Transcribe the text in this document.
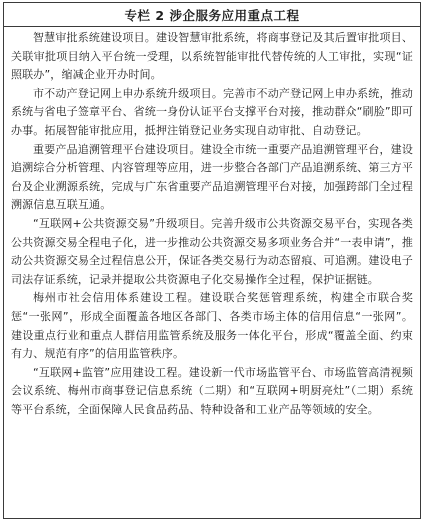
专栏 2 涉企服务应用重点工程

智慧审批系统建设项目。建设智慧审批系统，将商事登记及其后置审批项目、关联审批项目纳入平台统一受理，以系统智能审批代替传统的人工审批，实现“证照联办”，缩减企业开办时间。

市不动产登记网上申办系统升级项目。完善市不动产登记网上申办系统，推动系统与省电子签章平台、省统一身份认证平台支撑平台对接，推动群众“刷脸”即可办事。拓展智能审批应用，抵押注销登记业务实现自动审批、自动登记。

重要产品追溯管理平台建设项目。建设全市统一重要产品追溯管理平台，建设追溯综合分析管理、内容管理等应用，进一步整合各部门产品追溯系统、第三方平台及企业溯源系统，完成与广东省重要产品追溯管理平台对接，加强跨部门全过程溯源信息互联互通。

“互联网+公共资源交易”升级项目。完善升级市公共资源交易平台，实现各类公共资源交易全程电子化，进一步推动公共资源交易多项业务合并“一表申请”，推动公共资源交易全过程信息公开，保证各类交易行为动态留痕、可追溯。建设电子司法存证系统，记录并提取公共资源电子化交易操作全过程，保护证据链。

梅州市社会信用体系建设工程。建设联合奖惩管理系统，构建全市联合奖惩“一张网”，形成全面覆盖各地区各部门、各类市场主体的信用信息“一张网”。建设重点行业和重点人群信用监管系统及服务一体化平台，形成“覆盖全面、约束有力、规范有序”的信用监管秩序。

“互联网+监管”应用建设工程。建设新一代市场监管平台、市场监管高清视频会议系统、梅州市商事登记信息系统（二期）和“互联网+明厨亮灶”（二期）系统等平台系统，全面保障人民食品药品、特种设备和工业产品等领域的安全。
